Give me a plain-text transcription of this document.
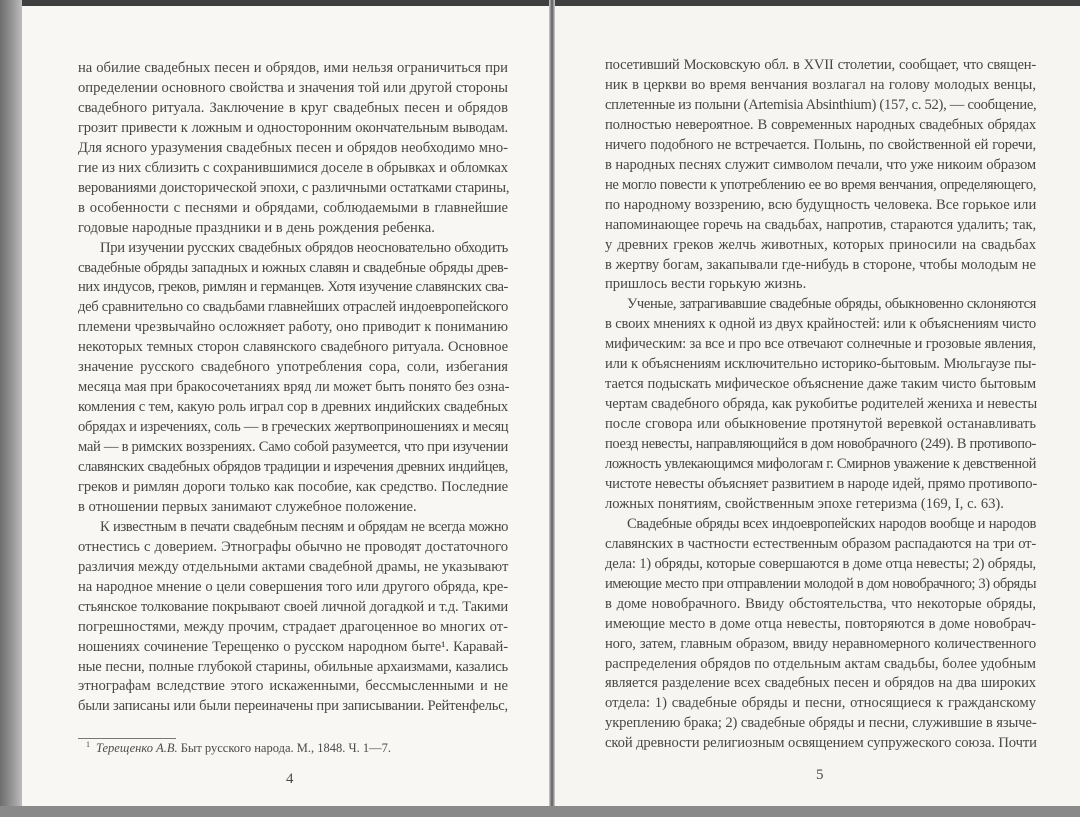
на обилие свадебных песен и обрядов, ими нельзя ограничиться при
определении основного свойства и значения той или другой стороны
свадебного ритуала. Заключение в круг свадебных песен и обрядов
грозит привести к ложным и односторонним окончательным выводам.
Для ясного уразумения свадебных песен и обрядов необходимо мно-
гие из них сблизить с сохранившимися доселе в обрывках и обломках
верованиями доисторической эпохи, с различными остатками старины,
в особенности с песнями и обрядами, соблюдаемыми в главнейшие
годовые народные праздники и в день рождения ребенка.
При изучении русских свадебных обрядов неосновательно обходить
свадебные обряды западных и южных славян и свадебные обряды древ-
них индусов, греков, римлян и германцев. Хотя изучение славянских сва-
деб сравнительно со свадьбами главнейших отраслей индоевропейского
племени чрезвычайно осложняет работу, оно приводит к пониманию
некоторых темных сторон славянского свадебного ритуала. Основное
значение русского свадебного употребления сора, соли, избегания
месяца мая при бракосочетаниях вряд ли может быть понято без озна-
комления с тем, какую роль играл сор в древних индийских свадебных
обрядах и изречениях, соль — в греческих жертвоприношениях и месяц
май — в римских воззрениях. Само собой разумеется, что при изучении
славянских свадебных обрядов традиции и изречения древних индийцев,
греков и римлян дороги только как пособие, как средство. Последние
в отношении первых занимают служебное положение.
К известным в печати свадебным песням и обрядам не всегда можно
отнестись с доверием. Этнографы обычно не проводят достаточного
различия между отдельными актами свадебной драмы, не указывают
на народное мнение о цели совершения того или другого обряда, кре-
стьянское толкование покрывают своей личной догадкой и т.д. Такими
погрешностями, между прочим, страдает драгоценное во многих от-
ношениях сочинение Терещенко о русском народном быте¹. Каравай-
ные песни, полные глубокой старины, обильные архаизмами, казались
этнографам вследствие этого искаженными, бессмысленными и не
были записаны или были переиначены при записывании. Рейтенфельс,
посетивший Московскую обл. в XVII столетии, сообщает, что священ-
ник в церкви во время венчания возлагал на голову молодых венцы,
сплетенные из полыни (Artemisia Absinthium) (157, с. 52), — сообщение,
полностью невероятное. В современных народных свадебных обрядах
ничего подобного не встречается. Полынь, по свойственной ей горечи,
в народных песнях служит символом печали, что уже никоим образом
не могло повести к употреблению ее во время венчания, определяющего,
по народному воззрению, всю будущность человека. Все горькое или
напоминающее горечь на свадьбах, напротив, стараются удалить; так,
у древних греков желчь животных, которых приносили на свадьбах
в жертву богам, закапывали где-нибудь в стороне, чтобы молодым не
пришлось вести горькую жизнь.
Ученые, затрагивавшие свадебные обряды, обыкновенно склоняются
в своих мнениях к одной из двух крайностей: или к объяснениям чисто
мифическим: за все и про все отвечают солнечные и грозовые явления,
или к объяснениям исключительно историко-бытовым. Мюльгаузе пы-
тается подыскать мифическое объяснение даже таким чисто бытовым
чертам свадебного обряда, как рукобитье родителей жениха и невесты
после сговора или обыкновение протянутой веревкой останавливать
поезд невесты, направляющийся в дом новобрачного (249). В противопо-
ложность увлекающимся мифологам г. Смирнов уважение к девственной
чистоте невесты объясняет развитием в народе идей, прямо противопо-
ложных понятиям, свойственным эпохе гетеризма (169, I, с. 63).
Свадебные обряды всех индоевропейских народов вообще и народов
славянских в частности естественным образом распадаются на три от-
дела: 1) обряды, которые совершаются в доме отца невесты; 2) обряды,
имеющие место при отправлении молодой в дом новобрачного; 3) обряды
в доме новобрачного. Ввиду обстоятельства, что некоторые обряды,
имеющие место в доме отца невесты, повторяются в доме новобрач-
ного, затем, главным образом, ввиду неравномерного количественного
распределения обрядов по отдельным актам свадьбы, более удобным
является разделение всех свадебных песен и обрядов на два широких
отдела: 1) свадебные обряды и песни, относящиеся к гражданскому
укреплению брака; 2) свадебные обряды и песни, служившие в языче-
ской древности религиозным освящением супружеского союза. Почти
$^1$ Терещенко А.В. Быт русского народа. М., 1848. Ч. 1—7.
4	5
